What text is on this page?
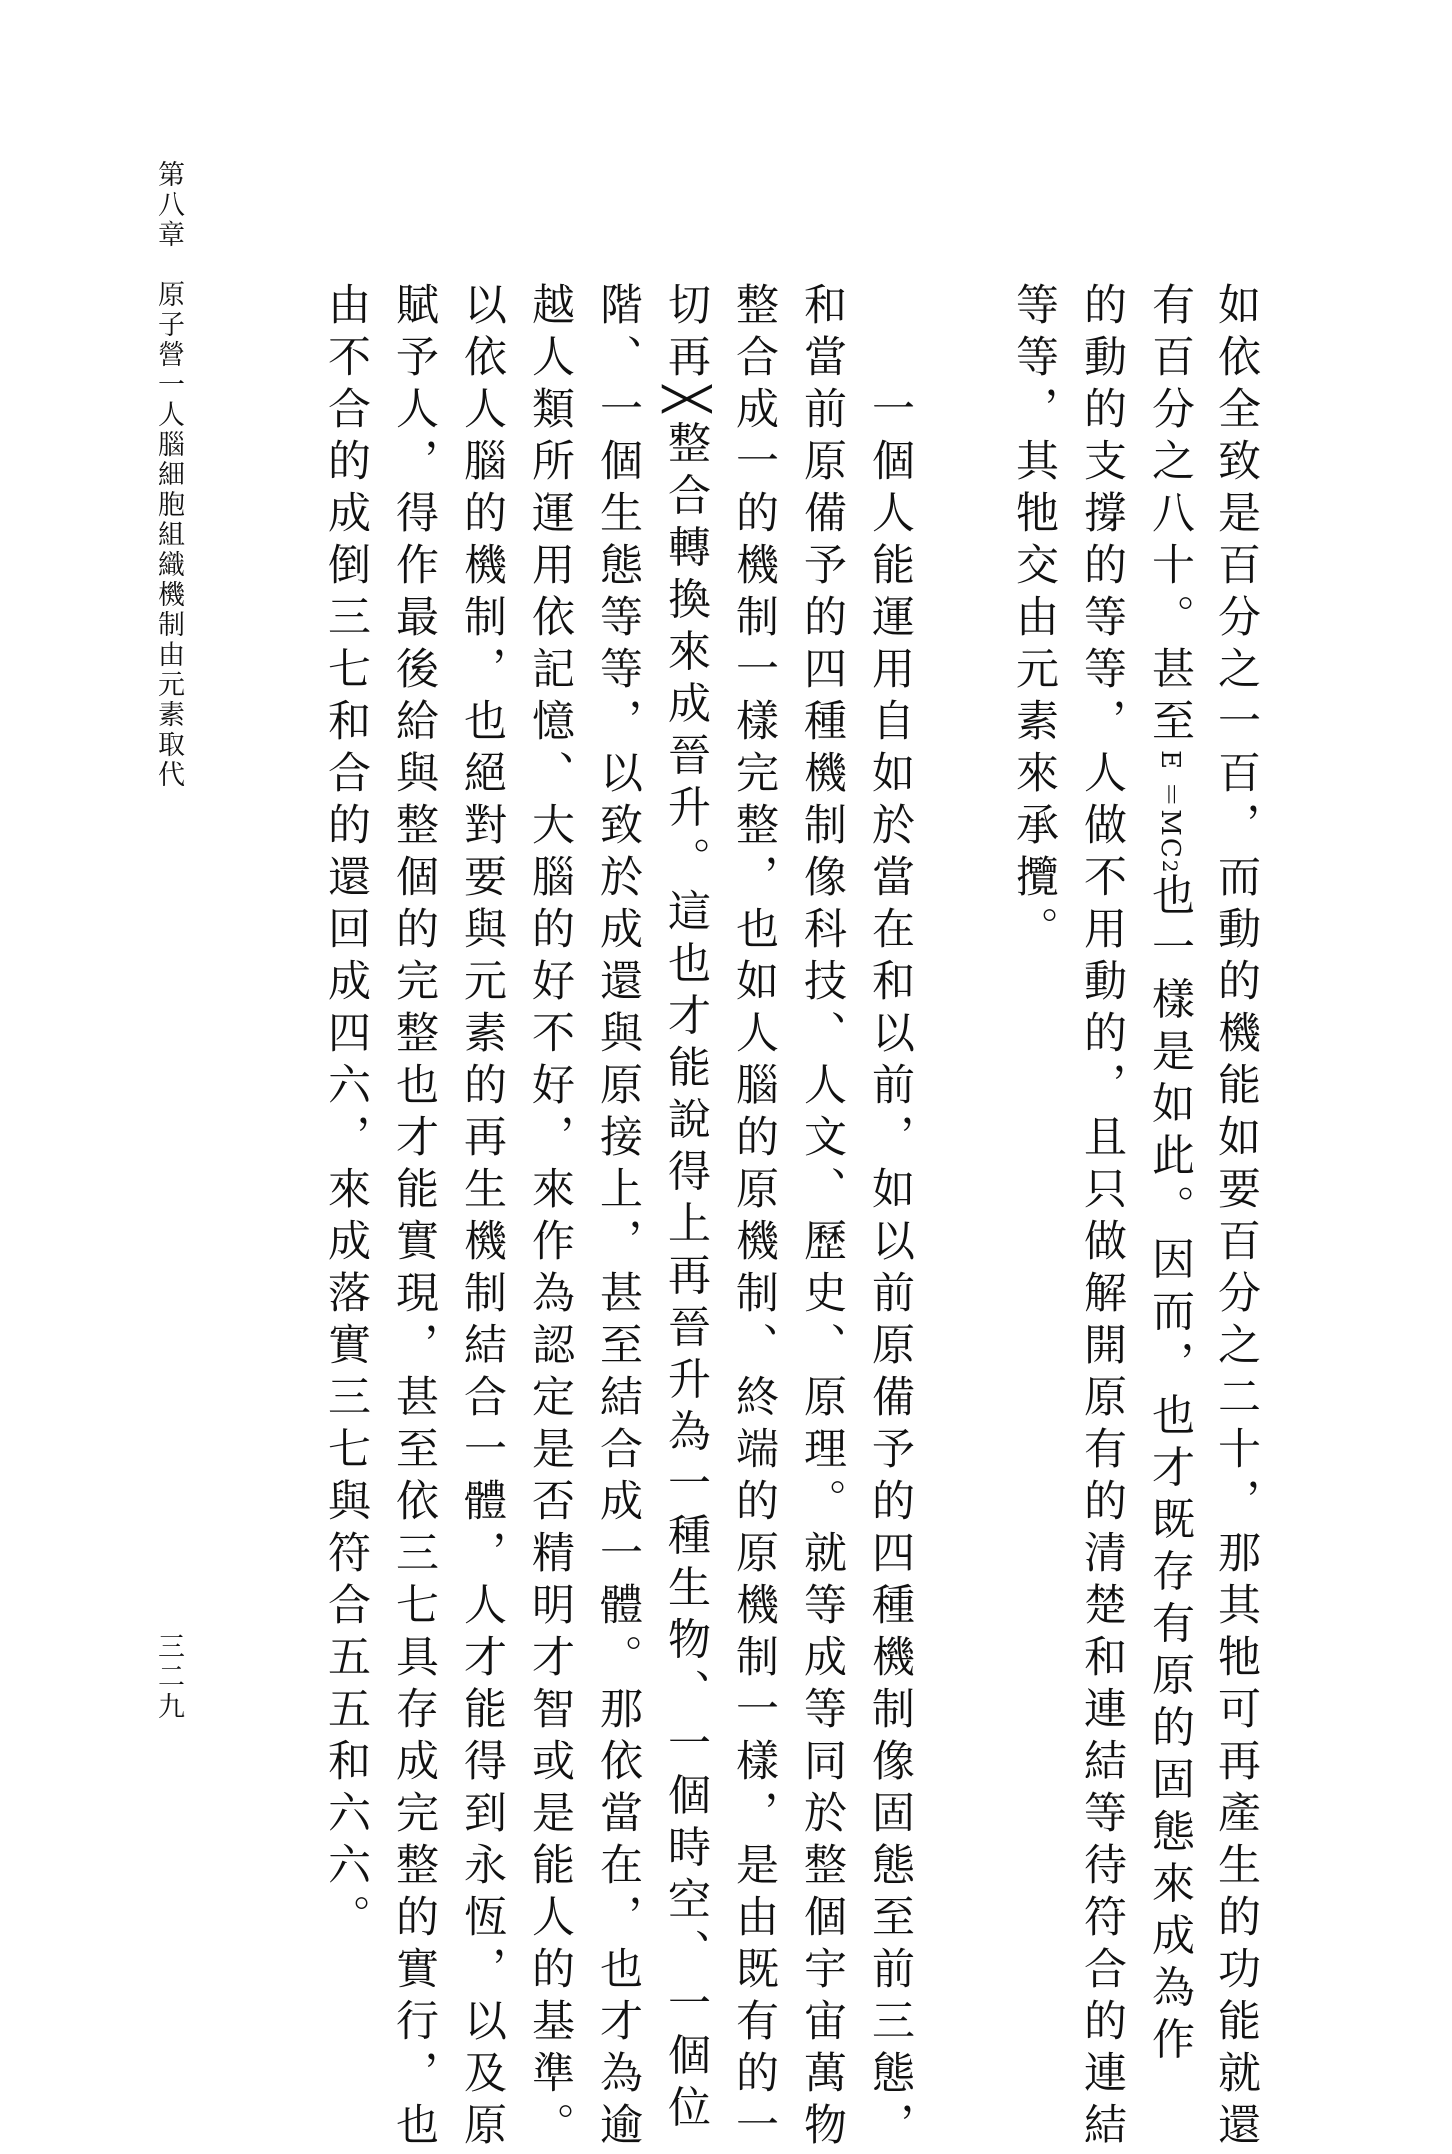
第八章　原子營一人腦細胞組織機制由元素取代	如依全致是百分之一百，而動的機能如要百分之二十，那其牠可再產生的功能就還
有百分之八十。甚至E ＝MC2也一樣是如此。因而，也才既存有原的固態來成為作
的動的支撐的等等，人做不用動的，且只做解開原有的清楚和連結等待符合的連結
等等，其牠交由元素來承攬。
一個人能運用自如於當在和以前，如以前原備予的四種機制像固態至前三態，
和當前原備予的四種機制像科技、人文、歷史、原理。就等成等同於整個宇宙萬物
整合成一的機制一樣完整，也如人腦的原機制、終端的原機制一樣，是由既有的一
切再╳整合轉換來成晉升。這也才能說得上再晉升為一種生物、一個時空、一個位
階、一個生態等等，以致於成還與原接上，甚至結合成一體。那依當在，也才為逾
越人類所運用依記憶、大腦的好不好，來作為認定是否精明才智或是能人的基準。
以依人腦的機制，也絕對要與元素的再生機制結合一體，人才能得到永恆，以及原
賦予人，得作最後給與整個的完整也才能實現，甚至依三七具存成完整的實行，也
由不合的成倒三七和合的還回成四六，來成落實三七與符合五五和六六。
三二九
